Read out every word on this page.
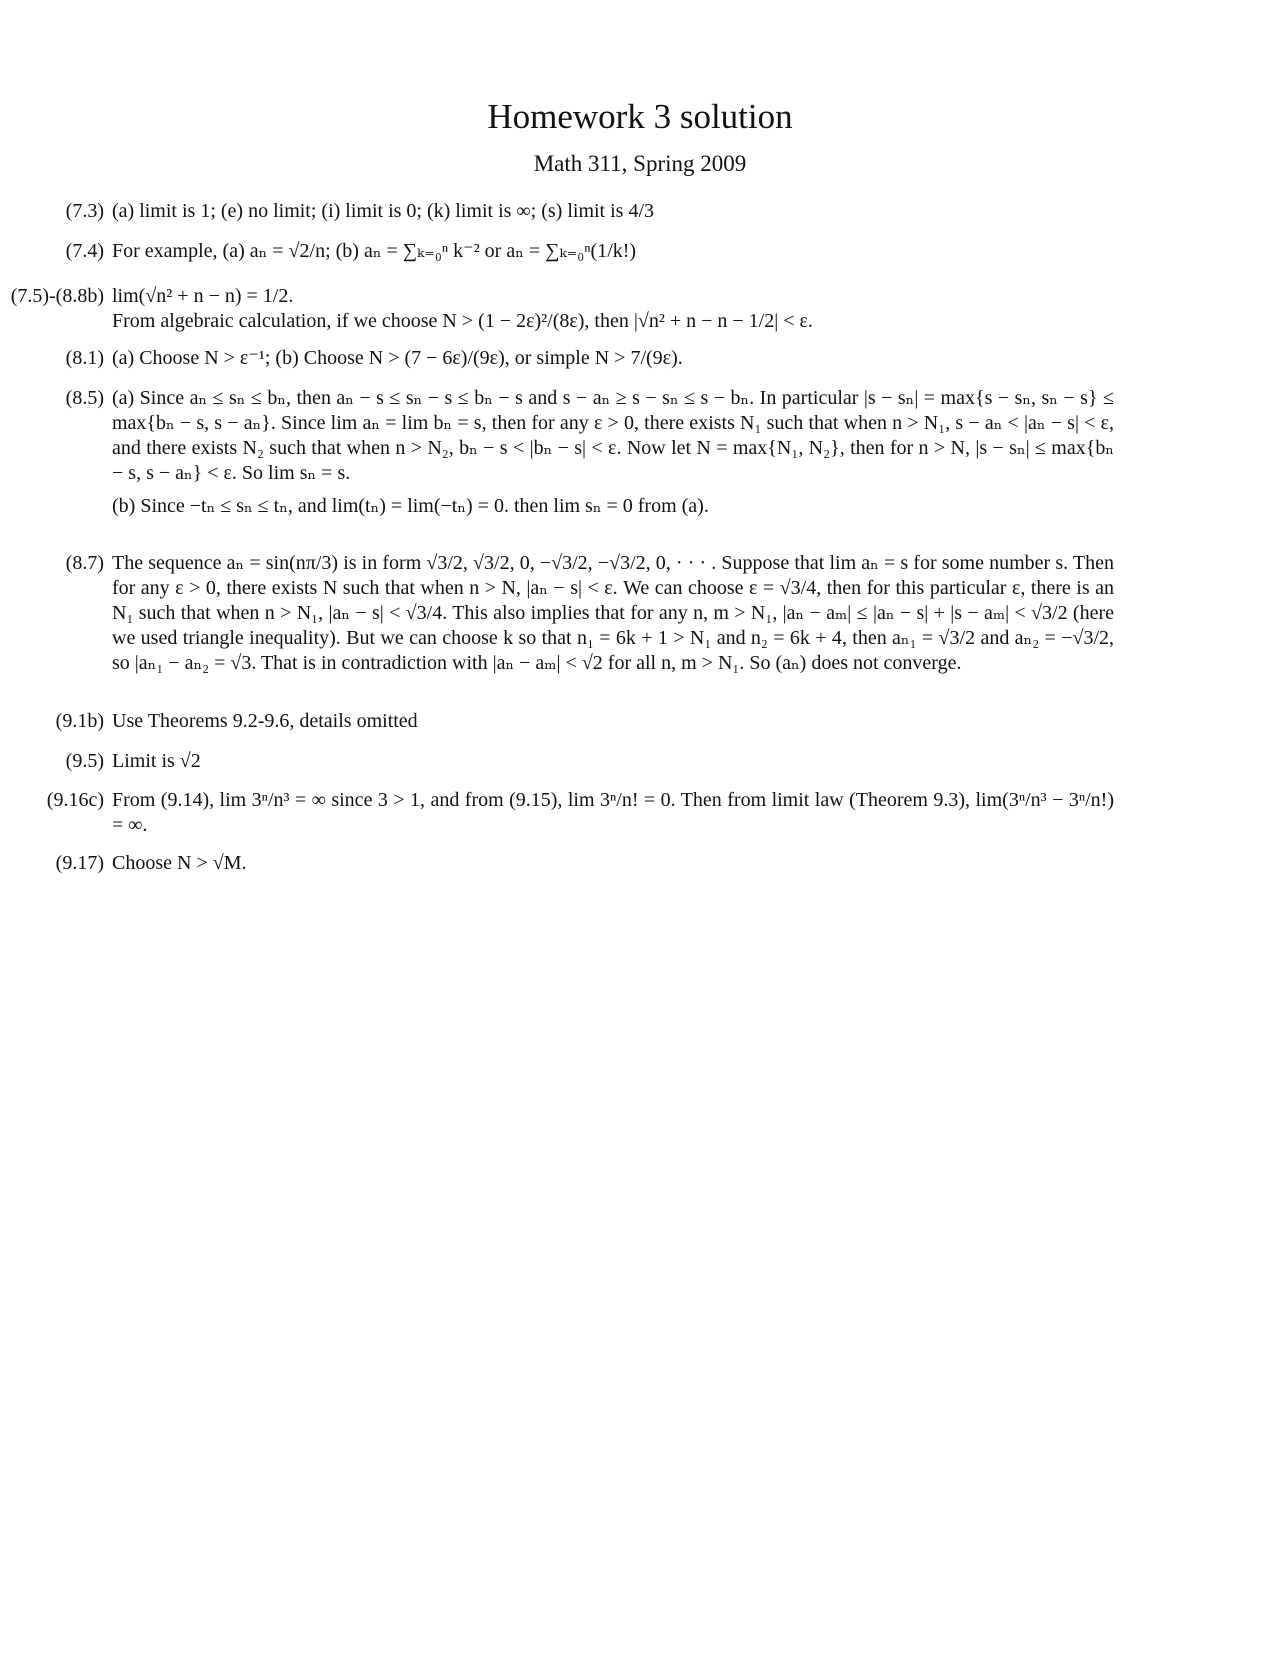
Homework 3 solution
Math 311, Spring 2009
(7.3) (a) limit is 1; (e) no limit; (i) limit is 0; (k) limit is ∞; (s) limit is 4/3

(7.4) For example, (a) aₙ = √2/n; (b) aₙ = ∑ₖ₌₀ⁿ k⁻² or aₙ = ∑ₖ₌₀ⁿ(1/k!)

(7.5)-(8.8b) lim(√n² + n − n) = 1/2.
From algebraic calculation, if we choose N > (1 − 2ε)²/(8ε), then |√n² + n − n − 1/2| < ε.

(8.1) (a) Choose N > ε⁻¹; (b) Choose N > (7 − 6ε)/(9ε), or simple N > 7/(9ε).

(8.5) (a) Since aₙ ≤ sₙ ≤ bₙ, then aₙ − s ≤ sₙ − s ≤ bₙ − s and s − aₙ ≥ s − sₙ ≤ s − bₙ. In particular |s − sₙ| = max{s − sₙ, sₙ − s} ≤ max{bₙ − s, s − aₙ}. Since lim aₙ = lim bₙ = s, then for any ε > 0, there exists N₁ such that when n > N₁, s − aₙ < |aₙ − s| < ε, and there exists N₂ such that when n > N₂, bₙ − s < |bₙ − s| < ε. Now let N = max{N₁, N₂}, then for n > N, |s − sₙ| ≤ max{bₙ − s, s − aₙ} < ε. So lim sₙ = s.

(b) Since −tₙ ≤ sₙ ≤ tₙ, and lim(tₙ) = lim(−tₙ) = 0. then lim sₙ = 0 from (a).

(8.7) The sequence aₙ = sin(nπ/3) is in form √3/2, √3/2, 0, −√3/2, −√3/2, 0, · · · . Suppose that lim aₙ = s for some number s. Then for any ε > 0, there exists N such that when n > N, |aₙ − s| < ε. We can choose ε = √3/4, then for this particular ε, there is an N₁ such that when n > N₁, |aₙ − s| < √3/4. This also implies that for any n, m > N₁, |aₙ − aₘ| ≤ |aₙ − s| + |s − aₘ| < √3/2 (here we used triangle inequality). But we can choose k so that n₁ = 6k + 1 > N₁ and n₂ = 6k + 4, then aₙ₁ = √3/2 and aₙ₂ = −√3/2, so |aₙ₁ − aₙ₂ = √3. That is in contradiction with |aₙ − aₘ| < √2 for all n, m > N₁. So (aₙ) does not converge.

(9.1b) Use Theorems 9.2-9.6, details omitted

(9.5) Limit is √2

(9.16c) From (9.14), lim 3ⁿ/n³ = ∞ since 3 > 1, and from (9.15), lim 3ⁿ/n! = 0. Then from limit law (Theorem 9.3), lim(3ⁿ/n³ − 3ⁿ/n!) = ∞.

(9.17) Choose N > √M.
